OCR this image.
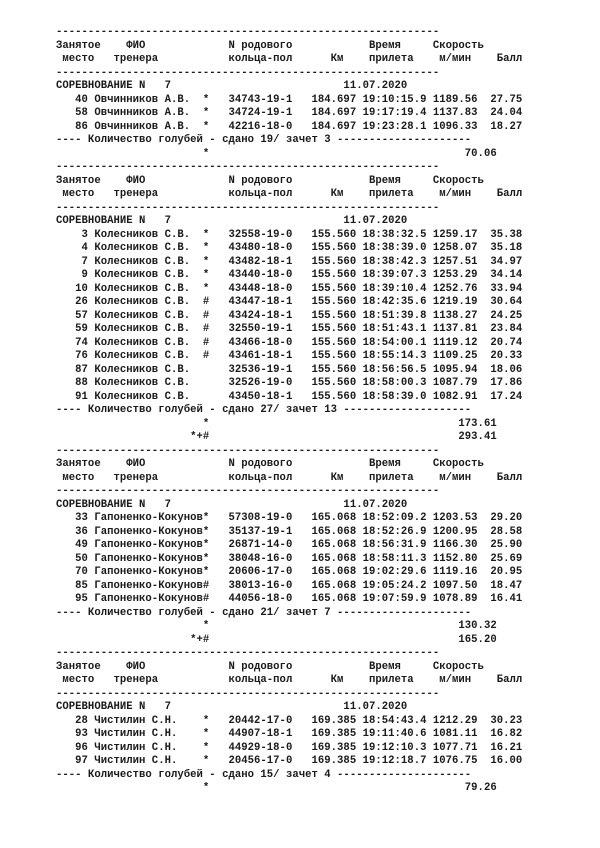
------------------------------------------------------------
Занятое    ФИО             N родового            Время     Скорость
место   тренера           кольца-пол      Км    прилета    м/мин    Балл
------------------------------------------------------------
СОРЕВНОВАНИЕ N   7                           11.07.2020
40 Овчинников А.В.  *   34743-19-1   184.697 19:10:15.9 1189.56  27.75
58 Овчинников А.В.  *   34724-19-1   184.697 19:17:19.4 1137.83  24.04
86 Овчинников А.В.  *   42216-18-0   184.697 19:23:28.1 1096.33  18.27
---- Количество голубей - сдано 19/ зачет 3 ---------------------
*                                        70.06
------------------------------------------------------------
Занятое    ФИО             N родового            Время     Скорость
место   тренера           кольца-пол      Км    прилета    м/мин    Балл
------------------------------------------------------------
СОРЕВНОВАНИЕ N   7                           11.07.2020
3 Колесников С.В.  *   32558-19-0   155.560 18:38:32.5 1259.17  35.38
4 Колесников С.В.  *   43480-18-0   155.560 18:38:39.0 1258.07  35.18
7 Колесников С.В.  *   43482-18-1   155.560 18:38:42.3 1257.51  34.97
9 Колесников С.В.  *   43440-18-0   155.560 18:39:07.3 1253.29  34.14
10 Колесников С.В.  *   43448-18-0   155.560 18:39:10.4 1252.76  33.94
26 Колесников С.В.  #   43447-18-1   155.560 18:42:35.6 1219.19  30.64
57 Колесников С.В.  #   43424-18-1   155.560 18:51:39.8 1138.27  24.25
59 Колесников С.В.  #   32550-19-1   155.560 18:51:43.1 1137.81  23.84
74 Колесников С.В.  #   43466-18-0   155.560 18:54:00.1 1119.12  20.74
76 Колесников С.В.  #   43461-18-1   155.560 18:55:14.3 1109.25  20.33
87 Колесников С.В.      32536-19-1   155.560 18:56:56.5 1095.94  18.06
88 Колесников С.В.      32526-19-0   155.560 18:58:00.3 1087.79  17.86
91 Колесников С.В.      43450-18-1   155.560 18:58:39.0 1082.91  17.24
---- Количество голубей - сдано 27/ зачет 13 --------------------
*                                       173.61
*+#                                       293.41
------------------------------------------------------------
Занятое    ФИО             N родового            Время     Скорость
место   тренера           кольца-пол      Км    прилета    м/мин    Балл
------------------------------------------------------------
СОРЕВНОВАНИЕ N   7                           11.07.2020
33 Гапоненко-Кокунов*   57308-19-0   165.068 18:52:09.2 1203.53  29.20
36 Гапоненко-Кокунов*   35137-19-1   165.068 18:52:26.9 1200.95  28.58
49 Гапоненко-Кокунов*   26871-14-0   165.068 18:56:31.9 1166.30  25.90
50 Гапоненко-Кокунов*   38048-16-0   165.068 18:58:11.3 1152.80  25.69
70 Гапоненко-Кокунов*   20606-17-0   165.068 19:02:29.6 1119.16  20.95
85 Гапоненко-Кокунов#   38013-16-0   165.068 19:05:24.2 1097.50  18.47
95 Гапоненко-Кокунов#   44056-18-0   165.068 19:07:59.9 1078.89  16.41
---- Количество голубей - сдано 21/ зачет 7 ---------------------
*                                       130.32
*+#                                       165.20
------------------------------------------------------------
Занятое    ФИО             N родового            Время     Скорость
место   тренера           кольца-пол      Км    прилета    м/мин    Балл
------------------------------------------------------------
СОРЕВНОВАНИЕ N   7                           11.07.2020
28 Чистилин С.Н.    *   20442-17-0   169.385 18:54:43.4 1212.29  30.23
93 Чистилин С.Н.    *   44907-18-1   169.385 19:11:40.6 1081.11  16.82
96 Чистилин С.Н.    *   44929-18-0   169.385 19:12:10.3 1077.71  16.21
97 Чистилин С.Н.    *   20456-17-0   169.385 19:12:18.7 1076.75  16.00
---- Количество голубей - сдано 15/ зачет 4 ---------------------
*                                        79.26
